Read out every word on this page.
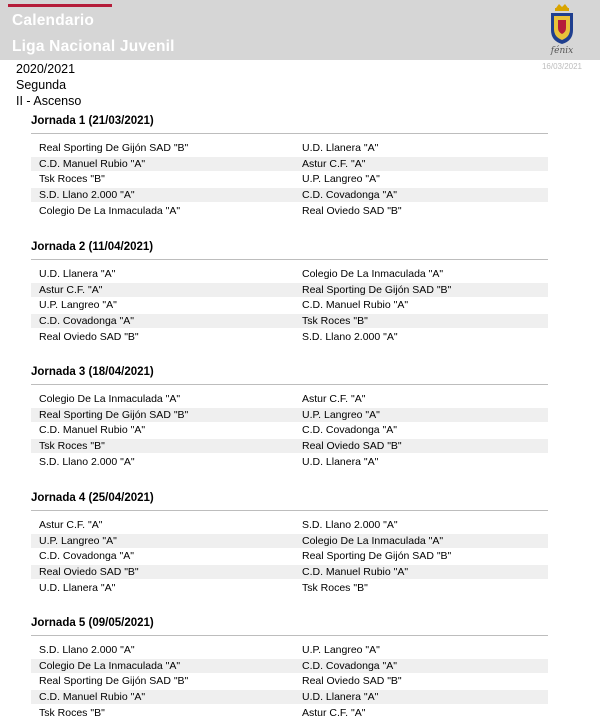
Calendario
Liga Nacional Juvenil	fénix
16/03/2021
2020/2021
Segunda
II - Ascenso
Jornada 1 (21/03/2021)
Real Sporting De Gijón SAD "B"	U.D. Llanera "A"
C.D. Manuel Rubio "A"	Astur C.F. "A"
Tsk Roces "B"	U.P. Langreo "A"
S.D. Llano 2.000 "A"	C.D. Covadonga "A"
Colegio De La Inmaculada "A"	Real Oviedo SAD "B"
Jornada 2 (11/04/2021)
U.D. Llanera "A"	Colegio De La Inmaculada "A"
Astur C.F. "A"	Real Sporting De Gijón SAD "B"
U.P. Langreo "A"	C.D. Manuel Rubio "A"
C.D. Covadonga "A"	Tsk Roces "B"
Real Oviedo SAD "B"	S.D. Llano 2.000 "A"
Jornada 3 (18/04/2021)
Colegio De La Inmaculada "A"	Astur C.F. "A"
Real Sporting De Gijón SAD "B"	U.P. Langreo "A"
C.D. Manuel Rubio "A"	C.D. Covadonga "A"
Tsk Roces "B"	Real Oviedo SAD "B"
S.D. Llano 2.000 "A"	U.D. Llanera "A"
Jornada 4 (25/04/2021)
Astur C.F. "A"	S.D. Llano 2.000 "A"
U.P. Langreo "A"	Colegio De La Inmaculada "A"
C.D. Covadonga "A"	Real Sporting De Gijón SAD "B"
Real Oviedo SAD "B"	C.D. Manuel Rubio "A"
U.D. Llanera "A"	Tsk Roces "B"
Jornada 5 (09/05/2021)
S.D. Llano 2.000 "A"	U.P. Langreo "A"
Colegio De La Inmaculada "A"	C.D. Covadonga "A"
Real Sporting De Gijón SAD "B"	Real Oviedo SAD "B"
C.D. Manuel Rubio "A"	U.D. Llanera "A"
Tsk Roces "B"	Astur C.F. "A"
